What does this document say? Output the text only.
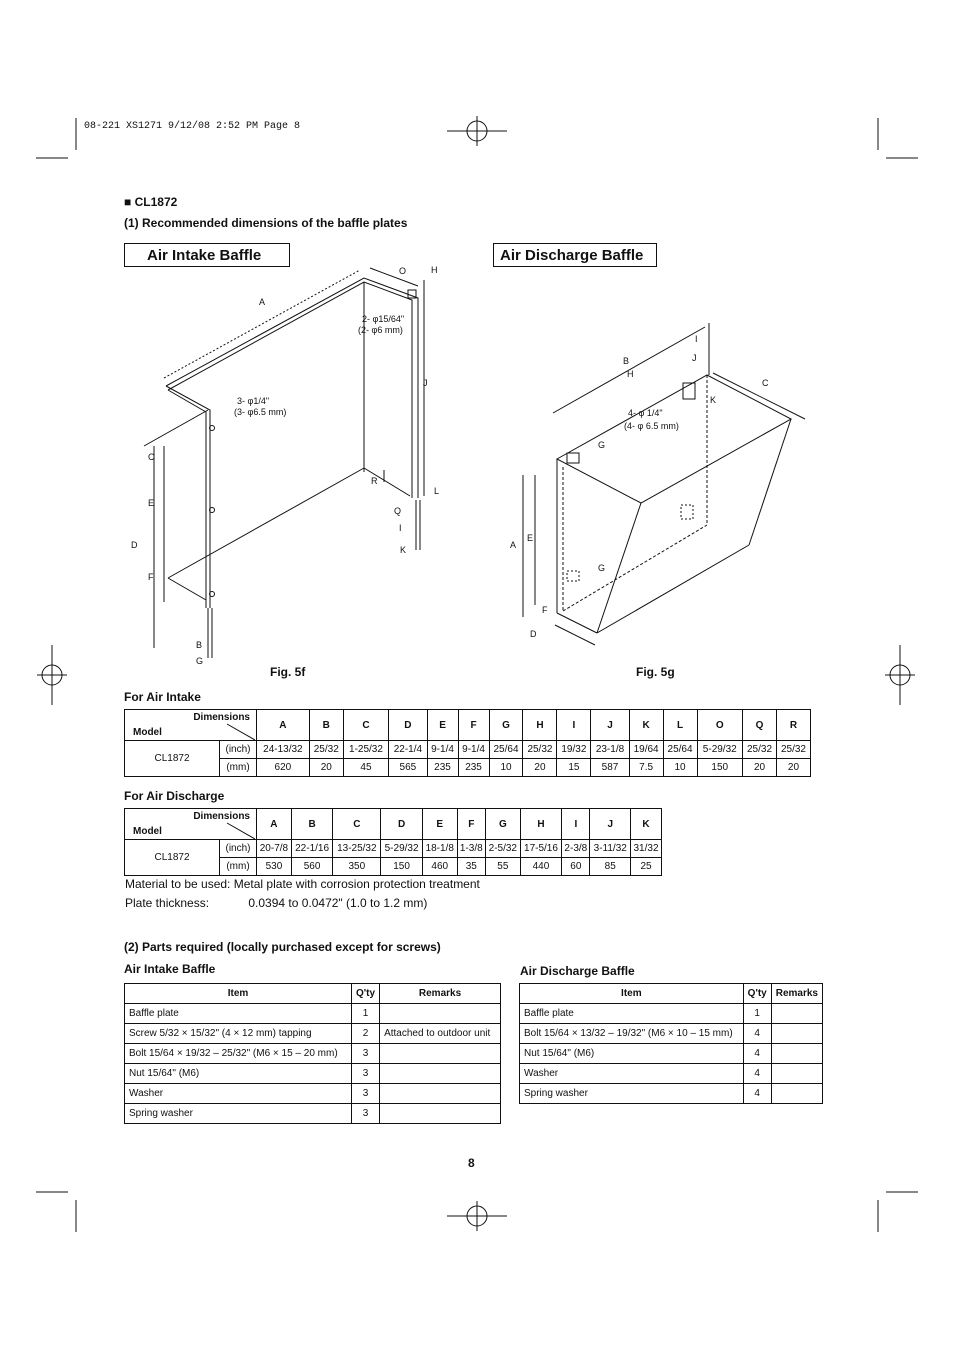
08-221 XS1271 9/12/08 2:52 PM Page 8
■ CL1872
(1) Recommended dimensions of the baffle plates
Air Intake Baffle	Air Discharge Baffle
A
O	H
J
C
E
D
F
R
L
Q
I
K
B
G
2- φ15/64"
(2- φ6 mm)
3- φ1/4"
(3- φ6.5 mm)
B
H
I
J
C
K
G
A
E
G
F
D
4- φ 1/4"
(4- φ 6.5 mm)
Fig. 5f	Fig. 5g
For Air Intake
Dimensions
Model		A	B	C	D	E	F	G	H	I	J	K	L	O	Q	R
CL1872	(inch)	24-13/32	25/32	1-25/32	22-1/4	9-1/4	9-1/4	25/64	25/32	19/32	23-1/8	19/64	25/64	5-29/32	25/32	25/32
	(mm)	620	20	45	565	235	235	10	20	15	587	7.5	10	150	20	20
For Air Discharge
Dimensions
Model		A	B	C	D	E	F	G	H	I	J	K
CL1872	(inch)	20-7/8	22-1/16	13-25/32	5-29/32	18-1/8	1-3/8	2-5/32	17-5/16	2-3/8	3-11/32	31/32
	(mm)	530	560	350	150	460	35	55	440	60	85	25
Material to be used: Metal plate with corrosion protection treatment
Plate thickness:	0.0394 to 0.0472" (1.0 to 1.2 mm)
(2) Parts required (locally purchased except for screws)
Air Intake Baffle	Air Discharge Baffle
Item	Q'ty	Remarks
Baffle plate	1	
Screw 5/32 × 15/32" (4 × 12 mm) tapping	2	Attached to outdoor unit
Bolt 15/64 × 19/32 – 25/32" (M6 × 15 – 20 mm)	3	
Nut 15/64" (M6)	3	
Washer	3	
Spring washer	3	
Item	Q'ty	Remarks
Baffle plate	1	
Bolt 15/64 × 13/32 – 19/32" (M6 × 10 – 15 mm)	4	
Nut 15/64" (M6)	4	
Washer	4	
Spring washer	4	
8
